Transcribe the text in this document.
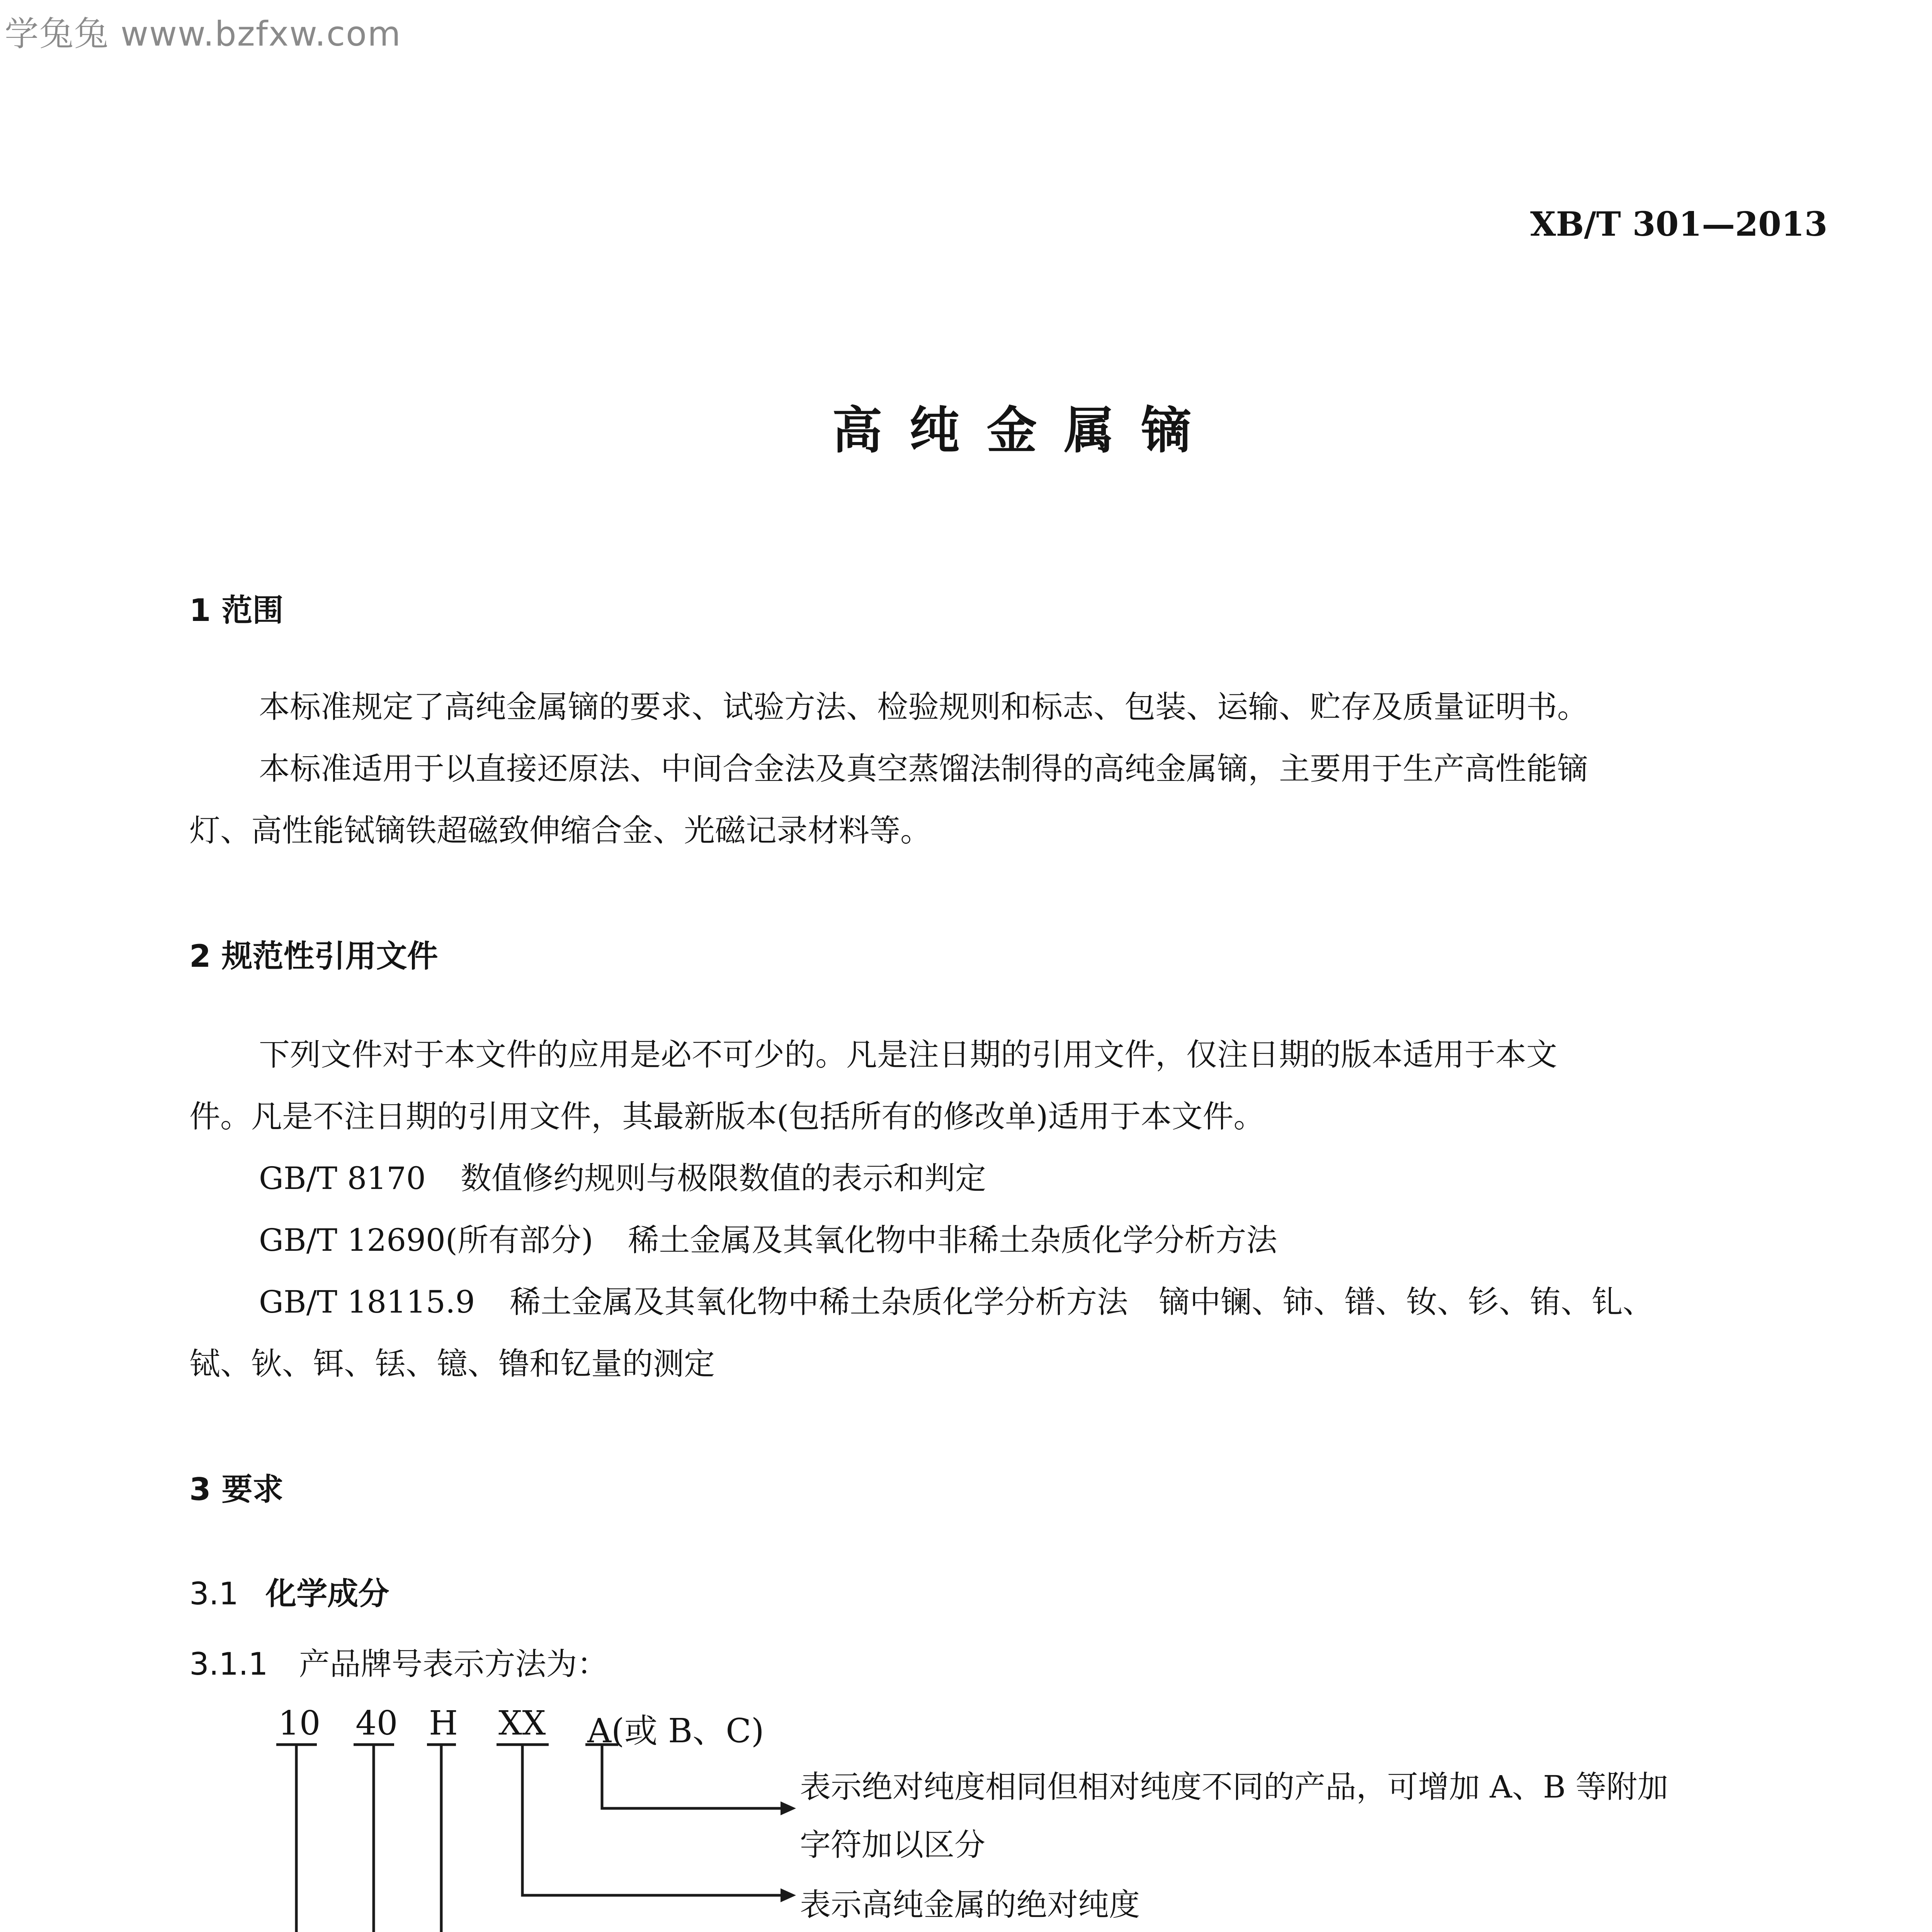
学兔兔 www.bzfxw.com
XB/T 301—2013
高纯金属镝
1 范围
本标准规定了高纯金属镝的要求、试验方法、检验规则和标志、包装、运输、贮存及质量证明书。
本标准适用于以直接还原法、中间合金法及真空蒸馏法制得的高纯金属镝，主要用于生产高性能镝
灯、高性能铽镝铁超磁致伸缩合金、光磁记录材料等。
2 规范性引用文件
下列文件对于本文件的应用是必不可少的。凡是注日期的引用文件，仅注日期的版本适用于本文
件。凡是不注日期的引用文件，其最新版本(包括所有的修改单)适用于本文件。
GB/T 8170 数值修约规则与极限数值的表示和判定
GB/T 12690(所有部分) 稀土金属及其氧化物中非稀土杂质化学分析方法
GB/T 18115.9 稀土金属及其氧化物中稀土杂质化学分析方法　镝中镧、铈、镨、钕、钐、铕、钆、
铽、钬、铒、铥、镱、镥和钇量的测定
3 要求
3.1 化学成分
3.1.1 产品牌号表示方法为：
10 40 H XX A(或 B、C)
表示绝对纯度相同但相对纯度不同的产品，可增加 A、B 等附加
字符加以区分
表示高纯金属的绝对纯度
